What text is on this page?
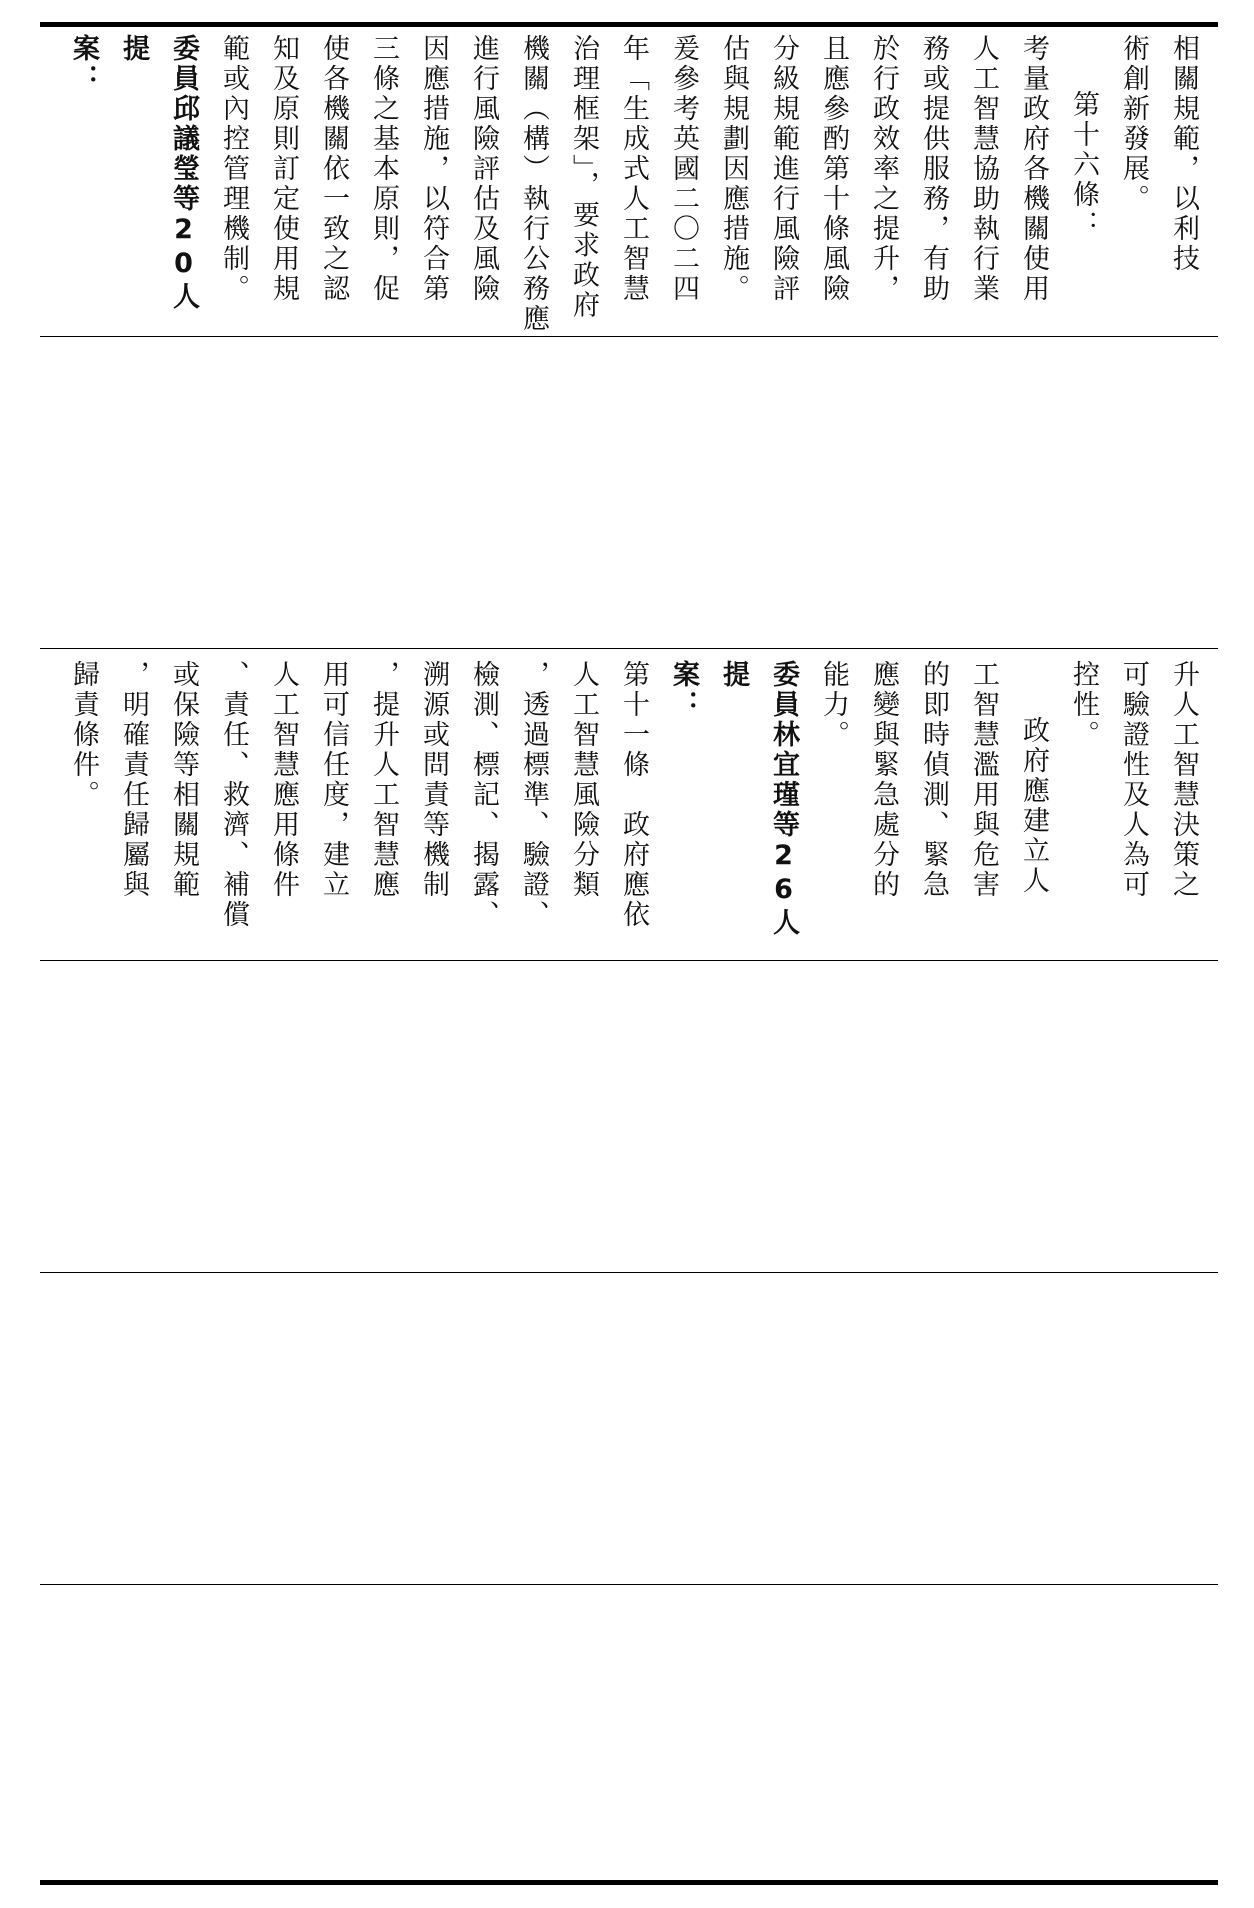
相關規範，以利技
術創新發展。
第十六條：
考量政府各機關使用
人工智慧協助執行業
務或提供服務，有助
於行政效率之提升，
且應參酌第十條風險
分級規範進行風險評
估與規劃因應措施。
爰參考英國二〇二四
年「生成式人工智慧
治理框架」，要求政府
機關（構）執行公務應
進行風險評估及風險
因應措施，以符合第
三條之基本原則，促
使各機關依一致之認
知及原則訂定使用規
範或內控管理機制。
委員邱議瑩等20人提
案：
升人工智慧決策之
可驗證性及人為可
控性。
政府應建立人
工智慧濫用與危害
的即時偵測、緊急
應變與緊急處分的
能力。
委員林宜瑾等26人提
案：
第十一條　政府應依
人工智慧風險分類
，透過標準、驗證、
檢測、標記、揭露、
溯源或問責等機制
，提升人工智慧應
用可信任度，建立
人工智慧應用條件
、責任、救濟、補償
或保險等相關規範
，明確責任歸屬與
歸責條件。
